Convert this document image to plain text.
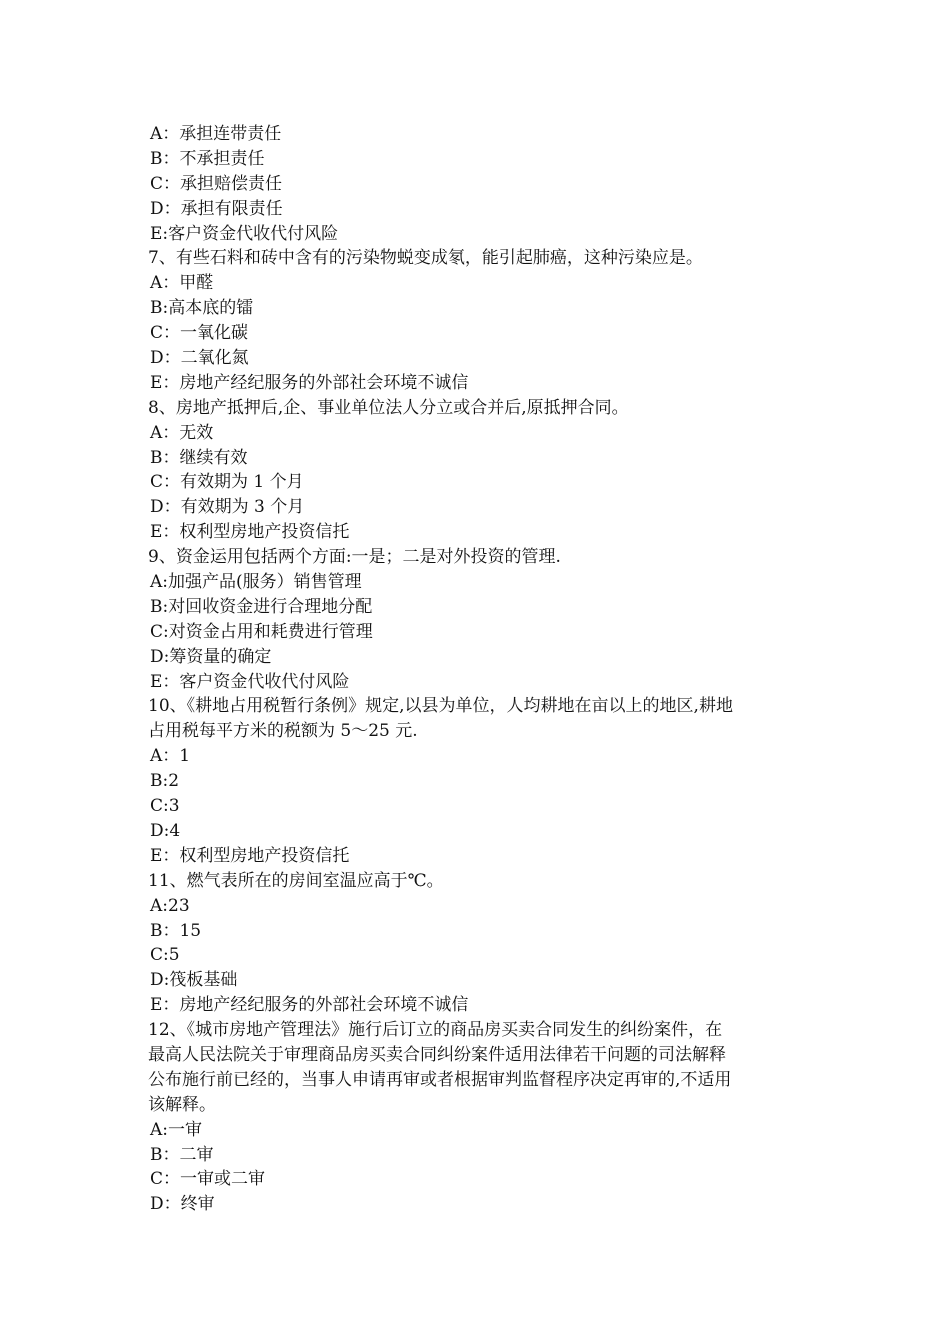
A：承担连带责任
B：不承担责任
C：承担赔偿责任
D：承担有限责任
E:客户资金代收代付风险
7、有些石料和砖中含有的污染物蜕变成氡，能引起肺癌，这种污染应是。
A：甲醛
B:高本底的镭
C：一氧化碳
D：二氧化氮
E：房地产经纪服务的外部社会环境不诚信
8、房地产抵押后,企、事业单位法人分立或合并后,原抵押合同。
A：无效
B：继续有效
C：有效期为 1 个月
D：有效期为 3 个月
E：权利型房地产投资信托
9、资金运用包括两个方面:一是；二是对外投资的管理.
A:加强产品(服务）销售管理
B:对回收资金进行合理地分配
C:对资金占用和耗费进行管理
D:筹资量的确定
E：客户资金代收代付风险
10、《耕地占用税暂行条例》规定,以县为单位，人均耕地在亩以上的地区,耕地
占用税每平方米的税额为 5～25 元.
A：1
B:2
C:3
D:4
E：权利型房地产投资信托
11、燃气表所在的房间室温应高于℃。
A:23
B：15
C:5
D:筏板基础
E：房地产经纪服务的外部社会环境不诚信
12、《城市房地产管理法》施行后订立的商品房买卖合同发生的纠纷案件，在
最高人民法院关于审理商品房买卖合同纠纷案件适用法律若干问题的司法解释
公布施行前已经的，当事人申请再审或者根据审判监督程序决定再审的,不适用
该解释。
A:一审
B：二审
C：一审或二审
D：终审
